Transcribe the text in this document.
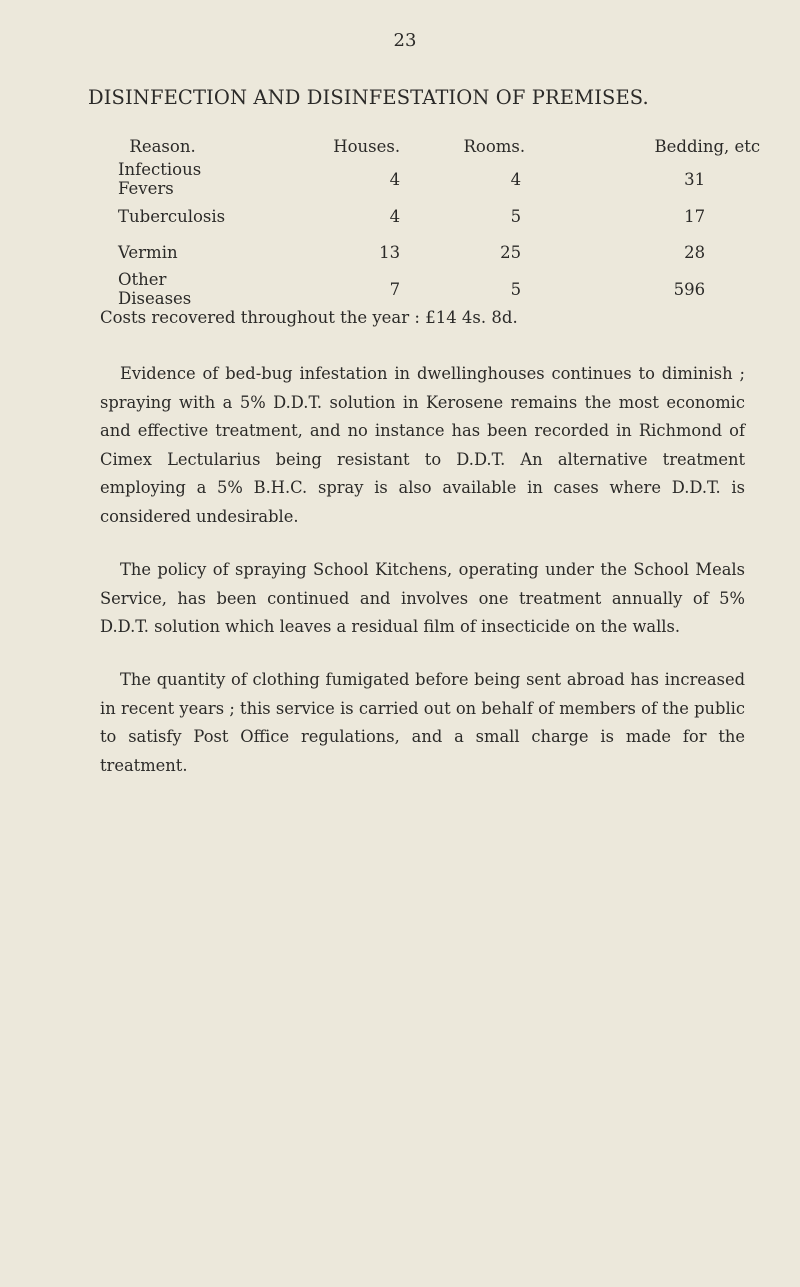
23
DISINFECTION AND DISINFESTATION OF PREMISES.
Reason.	Houses.	Rooms.	Bedding, etc
Infectious Fevers	4	4	31
Tuberculosis	4	5	17
Vermin	13	25	28
Other Diseases	7	5	596
Costs recovered throughout the year : £14 4s. 8d.

Evidence of bed-bug infestation in dwellinghouses continues to diminish ; spraying with a 5% D.D.T. solution in Kerosene remains the most economic and effective treatment, and no instance has been recorded in Richmond of Cimex Lectularius being resistant to D.D.T. An alternative treatment employing a 5% B.H.C. spray is also available in cases where D.D.T. is considered undesirable.

The policy of spraying School Kitchens, operating under the School Meals Service, has been continued and involves one treatment annually of 5% D.D.T. solution which leaves a residual film of insecticide on the walls.

The quantity of clothing fumigated before being sent abroad has increased in recent years ; this service is carried out on behalf of members of the public to satisfy Post Office regulations, and a small charge is made for the treatment.
